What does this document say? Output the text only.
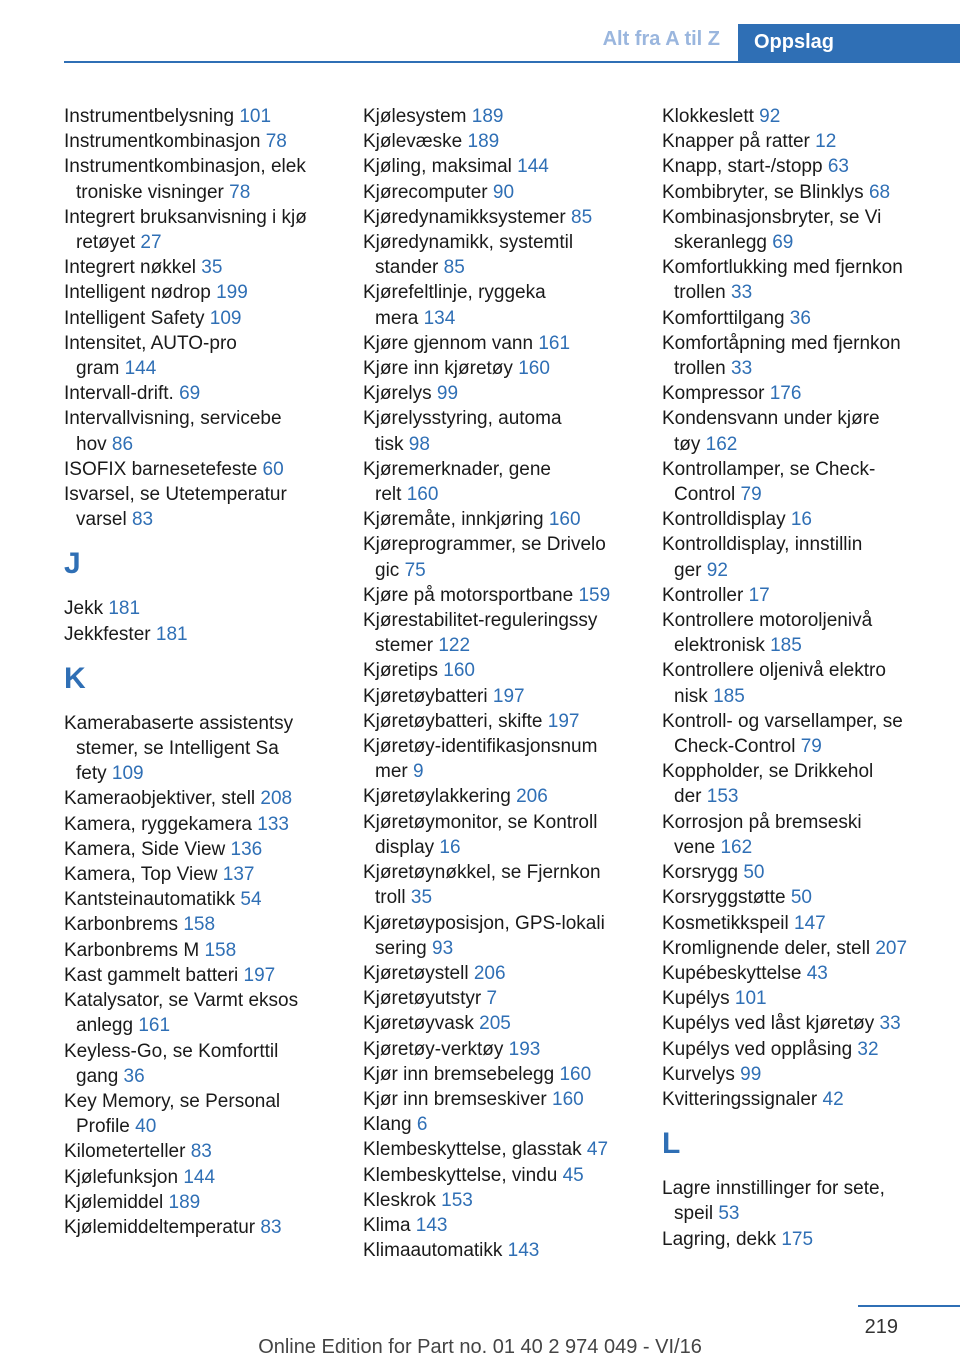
Alt fra A til Z	Oppslag
Instrumentbelysning 101
Instrumentkombinasjon 78
Instrumentkombinasjon, elek
troniske visninger 78
Integrert bruksanvisning i kjø
retøyet 27
Integrert nøkkel 35
Intelligent nødrop 199
Intelligent Safety 109
Intensitet, AUTO-pro
gram 144
Intervall-drift. 69
Intervallvisning, servicebe
hov 86
ISOFIX barnesetefeste 60
Isvarsel, se Utetemperatur
varsel 83
J
Jekk 181
Jekkfester 181
K
Kamerabaserte assistentsy
stemer, se Intelligent Sa
fety 109
Kameraobjektiver, stell 208
Kamera, ryggekamera 133
Kamera, Side View 136
Kamera, Top View 137
Kantsteinautomatikk 54
Karbonbrems 158
Karbonbrems M 158
Kast gammelt batteri 197
Katalysator, se Varmt eksos
anlegg 161
Keyless-Go, se Komforttil
gang 36
Key Memory, se Personal
Profile 40
Kilometerteller 83
Kjølefunksjon 144
Kjølemiddel 189
Kjølemiddeltemperatur 83
Kjølesystem 189
Kjølevæske 189
Kjøling, maksimal 144
Kjørecomputer 90
Kjøredynamikksystemer 85
Kjøredynamikk, systemtil
stander 85
Kjørefeltlinje, ryggeka
mera 134
Kjøre gjennom vann 161
Kjøre inn kjøretøy 160
Kjørelys 99
Kjørelysstyring, automa
tisk 98
Kjøremerknader, gene
relt 160
Kjøremåte, innkjøring 160
Kjøreprogrammer, se Drivelo
gic 75
Kjøre på motorsportbane 159
Kjørestabilitet-reguleringssy
stemer 122
Kjøretips 160
Kjøretøybatteri 197
Kjøretøybatteri, skifte 197
Kjøretøy-identifikasjonsnum
mer 9
Kjøretøylakkering 206
Kjøretøymonitor, se Kontroll
display 16
Kjøretøynøkkel, se Fjernkon
troll 35
Kjøretøyposisjon, GPS-lokali
sering 93
Kjøretøystell 206
Kjøretøyutstyr 7
Kjøretøyvask 205
Kjøretøy-verktøy 193
Kjør inn bremsebelegg 160
Kjør inn bremseskiver 160
Klang 6
Klembeskyttelse, glasstak 47
Klembeskyttelse, vindu 45
Kleskrok 153
Klima 143
Klimaautomatikk 143
Klokkeslett 92
Knapper på ratter 12
Knapp, start-/stopp 63
Kombibryter, se Blinklys 68
Kombinasjonsbryter, se Vi
skeranlegg 69
Komfortlukking med fjernkon
trollen 33
Komforttilgang 36
Komfortåpning med fjernkon
trollen 33
Kompressor 176
Kondensvann under kjøre
tøy 162
Kontrollamper, se Check-
Control 79
Kontrolldisplay 16
Kontrolldisplay, innstillin
ger 92
Kontroller 17
Kontrollere motoroljenivå
elektronisk 185
Kontrollere oljenivå elektro
nisk 185
Kontroll- og varsellamper, se
Check-Control 79
Koppholder, se Drikkehol
der 153
Korrosjon på bremseski
vene 162
Korsrygg 50
Korsryggstøtte 50
Kosmetikkspeil 147
Kromlignende deler, stell 207
Kupébeskyttelse 43
Kupélys 101
Kupélys ved låst kjøretøy 33
Kupélys ved opplåsing 32
Kurvelys 99
Kvitteringssignaler 42
L
Lagre innstillinger for sete,
speil 53
Lagring, dekk 175
219
Online Edition for Part no. 01 40 2 974 049 - VI/16
